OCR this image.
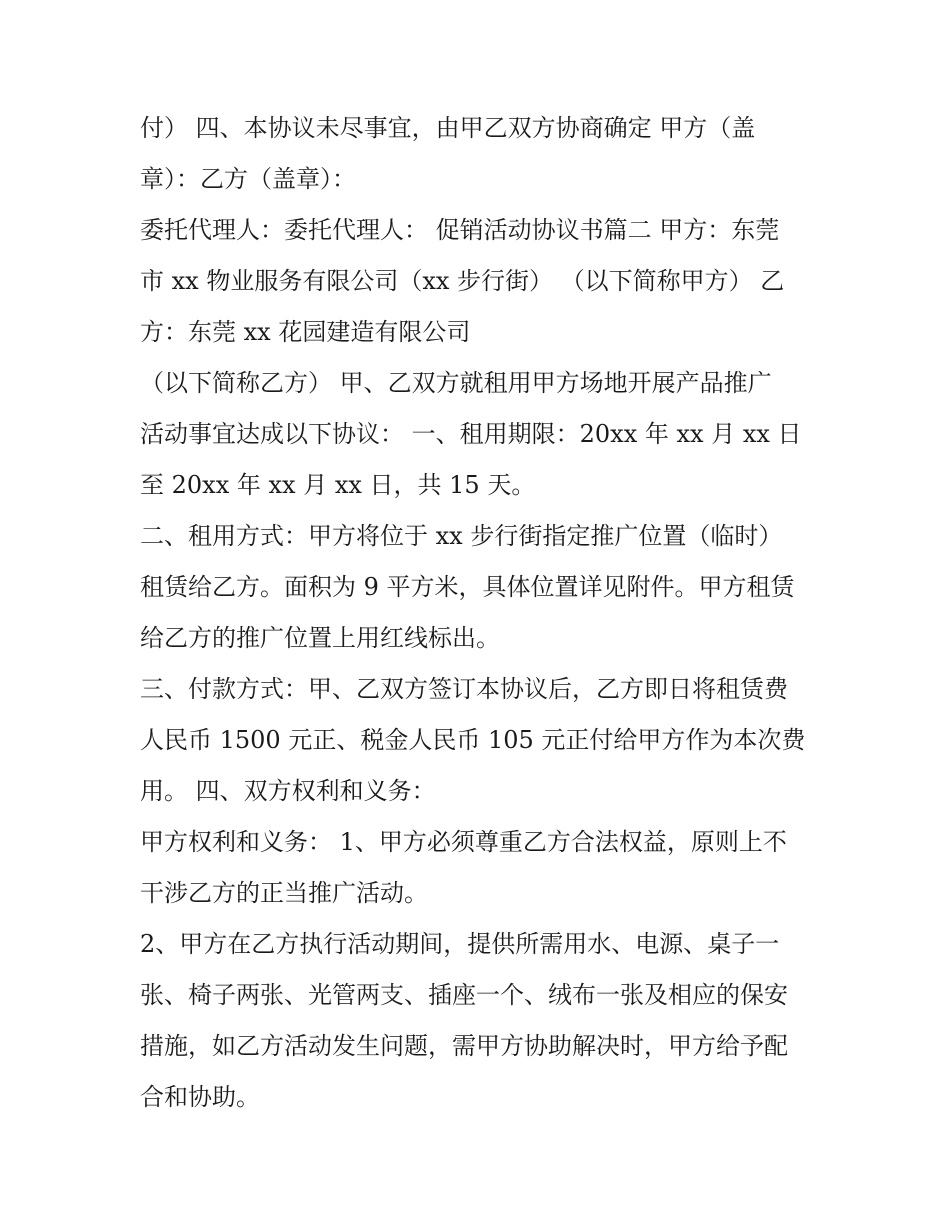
付） 四、本协议未尽事宜，由甲乙双方协商确定 甲方（盖
章）：乙方（盖章）：
委托代理人：委托代理人： 促销活动协议书篇二 甲方：东莞
市 xx 物业服务有限公司（xx 步行街） （以下简称甲方） 乙
方：东莞 xx 花园建造有限公司
（以下简称乙方） 甲、乙双方就租用甲方场地开展产品推广
活动事宜达成以下协议： 一、租用期限：20xx 年 xx 月 xx 日
至 20xx 年 xx 月 xx 日，共 15 天。
二、租用方式：甲方将位于 xx 步行街指定推广位置（临时）
租赁给乙方。面积为 9 平方米，具体位置详见附件。甲方租赁
给乙方的推广位置上用红线标出。
三、付款方式：甲、乙双方签订本协议后，乙方即日将租赁费
人民币 1500 元正、税金人民币 105 元正付给甲方作为本次费
用。 四、双方权利和义务：
甲方权利和义务： 1、甲方必须尊重乙方合法权益，原则上不
干涉乙方的正当推广活动。
2、甲方在乙方执行活动期间，提供所需用水、电源、桌子一
张、椅子两张、光管两支、插座一个、绒布一张及相应的保安
措施，如乙方活动发生问题，需甲方协助解决时，甲方给予配
合和协助。
